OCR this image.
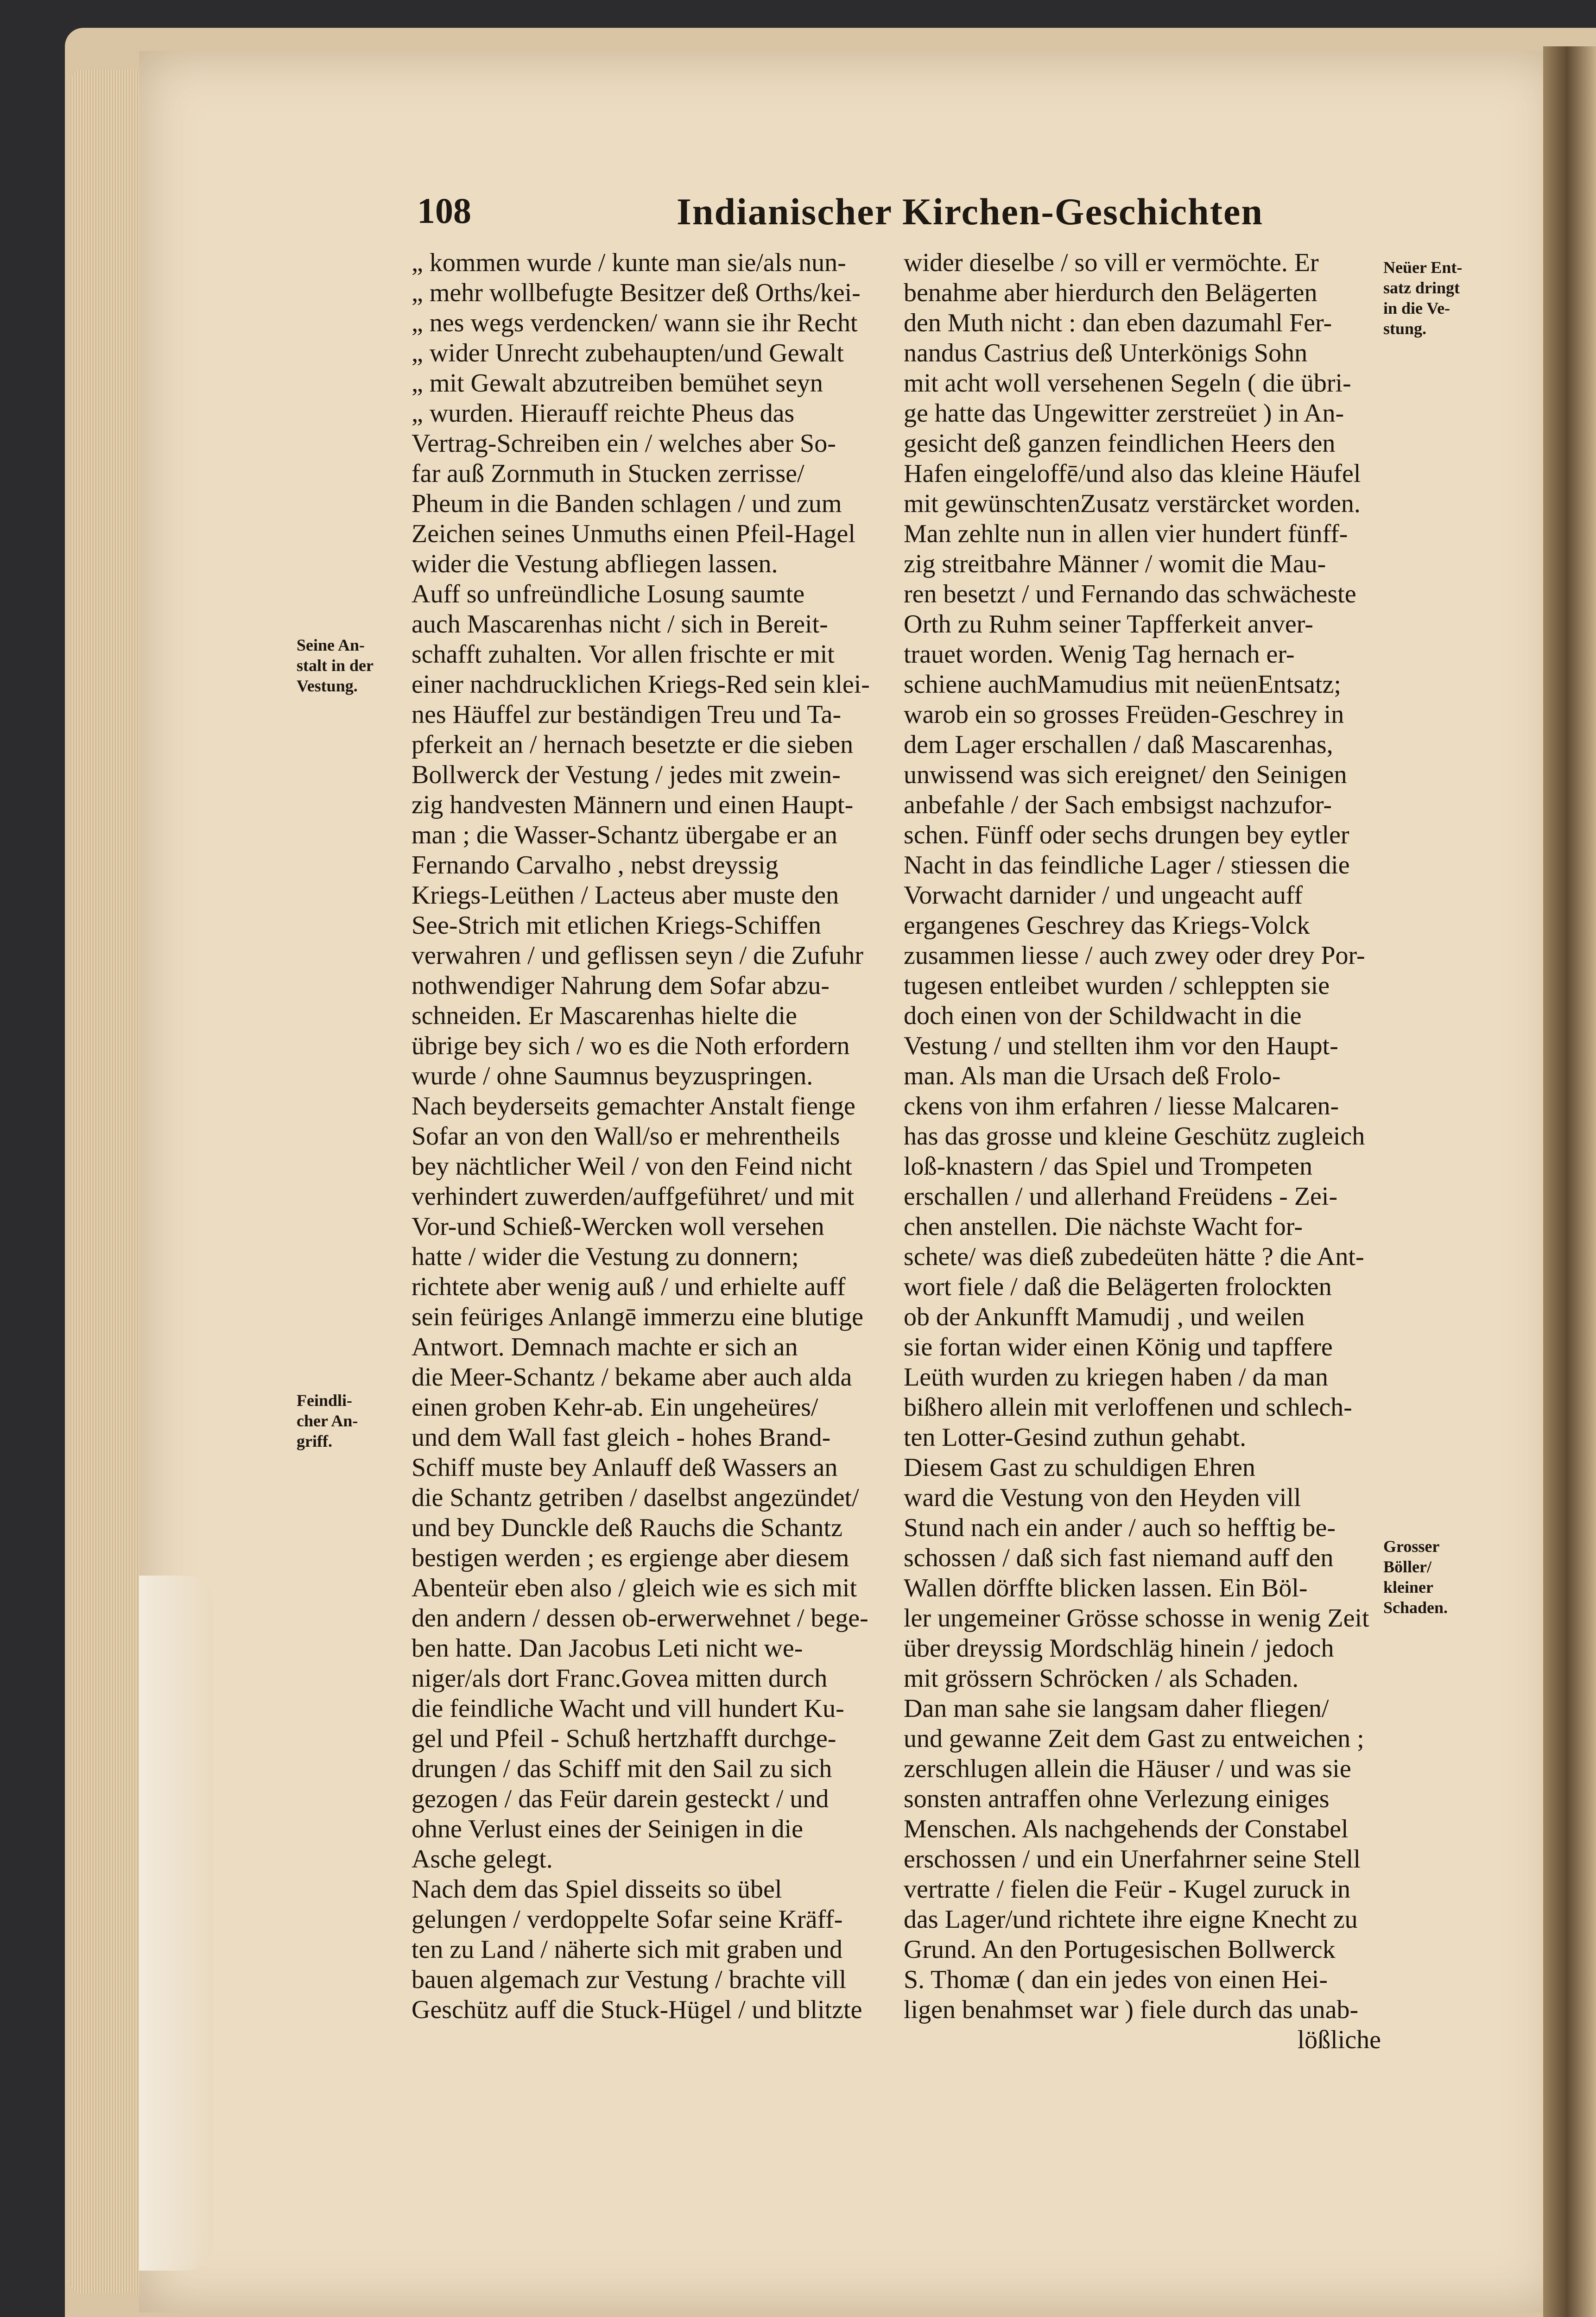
108	Indianischer Kirchen-Geschichten
„ kommen wurde / kunte man sie/als nun-
„ mehr wollbefugte Besitzer deß Orths/kei-
„ nes wegs verdencken/ wann sie ihr Recht
„ wider Unrecht zubehaupten/und Gewalt
„ mit Gewalt abzutreiben bemühet seyn
„ wurden. Hierauff reichte Pheus das
Vertrag-Schreiben ein / welches aber So-
far auß Zornmuth in Stucken zerrisse/
Pheum in die Banden schlagen / und zum
Zeichen seines Unmuths einen Pfeil-Hagel
wider die Vestung abfliegen lassen.
Auff so unfreündliche Losung saumte
auch Mascarenhas nicht / sich in Bereit-
schafft zuhalten. Vor allen frischte er mit
einer nachdrucklichen Kriegs-Red sein klei-
nes Häuffel zur beständigen Treu und Ta-
pferkeit an / hernach besetzte er die sieben
Bollwerck der Vestung / jedes mit zwein-
zig handvesten Männern und einen Haupt-
man ; die Wasser-Schantz übergabe er an
Fernando Carvalho , nebst dreyssig
Kriegs-Leüthen / Lacteus aber muste den
See-Strich mit etlichen Kriegs-Schiffen
verwahren / und geflissen seyn / die Zufuhr
nothwendiger Nahrung dem Sofar abzu-
schneiden. Er Mascarenhas hielte die
übrige bey sich / wo es die Noth erfordern
wurde / ohne Saumnus beyzuspringen.
Nach beyderseits gemachter Anstalt fienge
Sofar an von den Wall/so er mehrentheils
bey nächtlicher Weil / von den Feind nicht
verhindert zuwerden/auffgeführet/ und mit
Vor-und Schieß-Wercken woll versehen
hatte / wider die Vestung zu donnern;
richtete aber wenig auß / und erhielte auff
sein feüriges Anlangē immerzu eine blutige
Antwort. Demnach machte er sich an
die Meer-Schantz / bekame aber auch alda
einen groben Kehr-ab. Ein ungeheüres/
und dem Wall fast gleich - hohes Brand-
Schiff muste bey Anlauff deß Wassers an
die Schantz getriben / daselbst angezündet/
und bey Dunckle deß Rauchs die Schantz
bestigen werden ; es ergienge aber diesem
Abenteür eben also / gleich wie es sich mit
den andern / dessen ob-erwerwehnet / bege-
ben hatte. Dan Jacobus Leti nicht we-
niger/als dort Franc.Govea mitten durch
die feindliche Wacht und vill hundert Ku-
gel und Pfeil - Schuß hertzhafft durchge-
drungen / das Schiff mit den Sail zu sich
gezogen / das Feür darein gesteckt / und
ohne Verlust eines der Seinigen in die
Asche gelegt.
Nach dem das Spiel disseits so übel
gelungen / verdoppelte Sofar seine Kräff-
ten zu Land / näherte sich mit graben und
bauen algemach zur Vestung / brachte vill
Geschütz auff die Stuck-Hügel / und blitzte
wider dieselbe / so vill er vermöchte. Er
benahme aber hierdurch den Belägerten
den Muth nicht : dan eben dazumahl Fer-
nandus Castrius deß Unterkönigs Sohn
mit acht woll versehenen Segeln ( die übri-
ge hatte das Ungewitter zerstreüet ) in An-
gesicht deß ganzen feindlichen Heers den
Hafen eingeloffē/und also das kleine Häufel
mit gewünschtenZusatz verstärcket worden.
Man zehlte nun in allen vier hundert fünff-
zig streitbahre Männer / womit die Mau-
ren besetzt / und Fernando das schwächeste
Orth zu Ruhm seiner Tapfferkeit anver-
trauet worden. Wenig Tag hernach er-
schiene auchMamudius mit neüenEntsatz;
warob ein so grosses Freüden-Geschrey in
dem Lager erschallen / daß Mascarenhas,
unwissend was sich ereignet/ den Seinigen
anbefahle / der Sach embsigst nachzufor-
schen. Fünff oder sechs drungen bey eytler
Nacht in das feindliche Lager / stiessen die
Vorwacht darnider / und ungeacht auff
ergangenes Geschrey das Kriegs-Volck
zusammen liesse / auch zwey oder drey Por-
tugesen entleibet wurden / schleppten sie
doch einen von der Schildwacht in die
Vestung / und stellten ihm vor den Haupt-
man. Als man die Ursach deß Frolo-
ckens von ihm erfahren / liesse Malcaren-
has das grosse und kleine Geschütz zugleich
loß-knastern / das Spiel und Trompeten
erschallen / und allerhand Freüdens - Zei-
chen anstellen. Die nächste Wacht for-
schete/ was dieß zubedeüten hätte ? die Ant-
wort fiele / daß die Belägerten frolockten
ob der Ankunfft Mamudij , und weilen
sie fortan wider einen König und tapffere
Leüth wurden zu kriegen haben / da man
bißhero allein mit verloffenen und schlech-
ten Lotter-Gesind zuthun gehabt.
Diesem Gast zu schuldigen Ehren
ward die Vestung von den Heyden vill
Stund nach ein ander / auch so hefftig be-
schossen / daß sich fast niemand auff den
Wallen dörffte blicken lassen. Ein Böl-
ler ungemeiner Grösse schosse in wenig Zeit
über dreyssig Mordschläg hinein / jedoch
mit grössern Schröcken / als Schaden.
Dan man sahe sie langsam daher fliegen/
und gewanne Zeit dem Gast zu entweichen ;
zerschlugen allein die Häuser / und was sie
sonsten antraffen ohne Verlezung einiges
Menschen. Als nachgehends der Constabel
erschossen / und ein Unerfahrner seine Stell
vertratte / fielen die Feür - Kugel zuruck in
das Lager/und richtete ihre eigne Knecht zu
Grund. An den Portugesischen Bollwerck
S. Thomæ ( dan ein jedes von einen Hei-
ligen benahmset war ) fiele durch das unab-
lößliche
Seine An-
stalt in der
Vestung.
Feindli-
cher An-
griff.
Neüer Ent-
satz dringt
in die Ve-
stung.
Grosser
Böller/
kleiner
Schaden.
